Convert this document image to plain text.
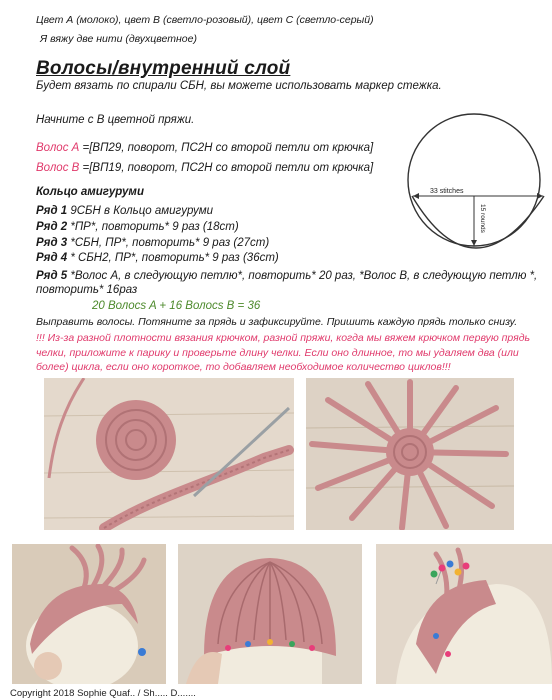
Цвет А (молоко), цвет В (светло-розовый), цвет С (светло-серый)
Я вяжу две нити (двухцветное)
Волосы/внутренний слой
Будет вязать по спирали СБН, вы можете использовать маркер стежка.
Начните с В цветной пряжи.
Волос А =[ВП29, поворот, ПС2Н со второй петли от крючка]
Волос В =[ВП19, поворот, ПС2Н со второй петли от крючка]
33 stitches
15 rounds
Кольцо амигуруми
Ряд 1 9СБН в Кольцо амигуруми
Ряд 2 *ПР*, повторить* 9 раз (18ст)
Ряд 3 *СБН, ПР*, повторить* 9 раз (27ст)
Ряд 4 * СБН2, ПР*, повторить* 9 раз (36ст)
Ряд 5 *Волос А, в следующую петлю*, повторить* 20 раз, *Волос В, в следующую петлю *,
повторить* 16раз
20 Волосs A + 16 Волосs B = 36
Выправить волосы. Потяните за прядь и зафиксируйте. Пришить каждую прядь только снизу.
!!! Из-за разной плотности вязания крючком, разной пряжи, когда мы вяжем крючком первую прядь челки, приложите к парику и проверьте длину челки. Если оно длинное, то мы удаляем два (или более) цикла, если оно короткое, то добавляем необходимое количество циклов!!!
Copyright 2018 Sophie Quaf.. / Sh..... D.......
